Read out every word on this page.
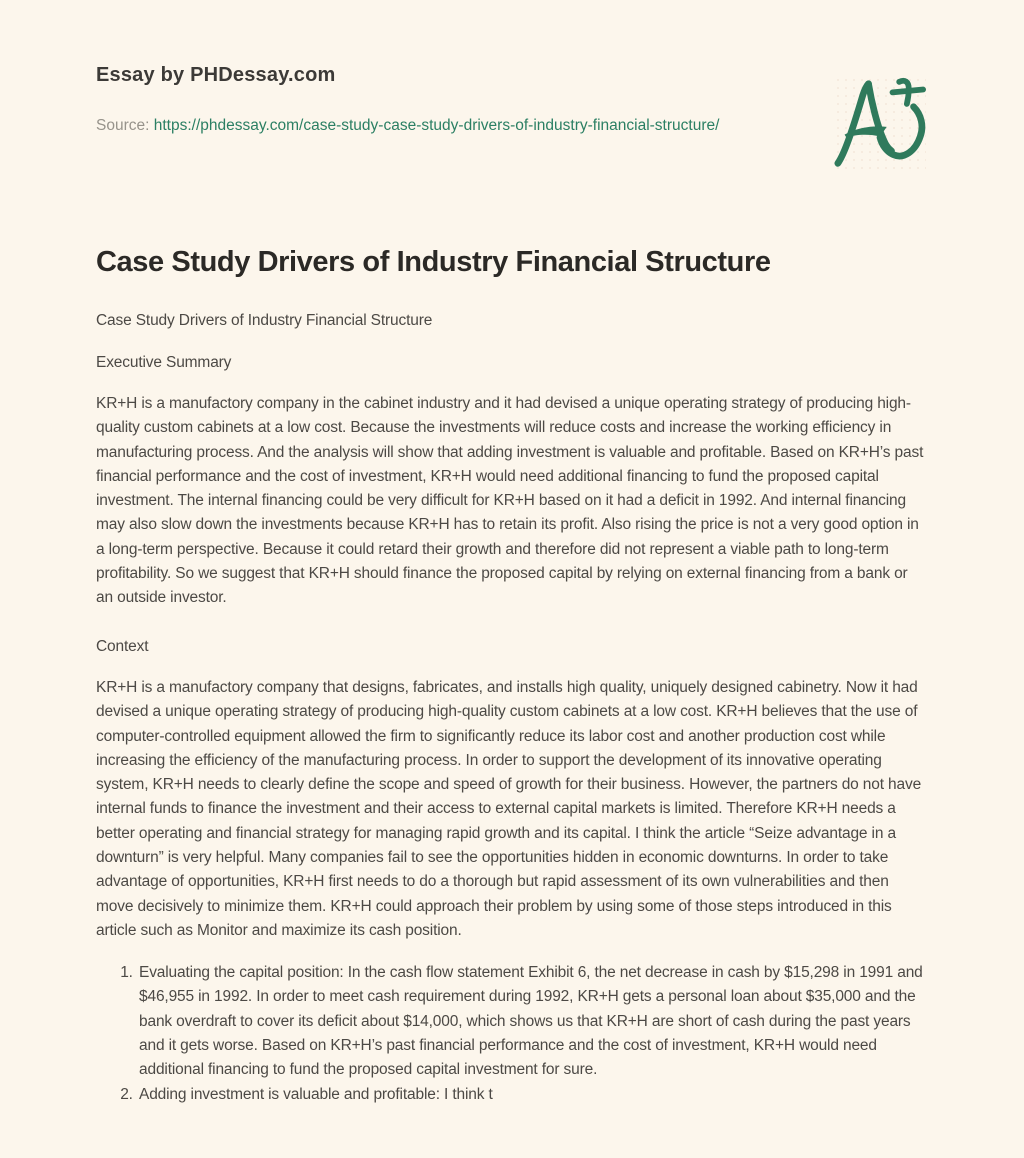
Essay by PHDessay.com
Source: https://phdessay.com/case-study-case-study-drivers-of-industry-financial-structure/
Case Study Drivers of Industry Financial Structure

Case Study Drivers of Industry Financial Structure

Executive Summary

KR+H is a manufactory company in the cabinet industry and it had devised a unique operating strategy of producing high-quality custom cabinets at a low cost. Because the investments will reduce costs and increase the working efficiency in manufacturing process. And the analysis will show that adding investment is valuable and profitable. Based on KR+H’s past financial performance and the cost of investment, KR+H would need additional financing to fund the proposed capital investment. The internal financing could be very difficult for KR+H based on it had a deficit in 1992. And internal financing may also slow down the investments because KR+H has to retain its profit. Also rising the price is not a very good option in a long-term perspective. Because it could retard their growth and therefore did not represent a viable path to long-term profitability. So we suggest that KR+H should finance the proposed capital by relying on external financing from a bank or an outside investor.

Context

KR+H is a manufactory company that designs, fabricates, and installs high quality, uniquely designed cabinetry. Now it had devised a unique operating strategy of producing high-quality custom cabinets at a low cost. KR+H believes that the use of computer-controlled equipment allowed the firm to significantly reduce its labor cost and another production cost while increasing the efficiency of the manufacturing process. In order to support the development of its innovative operating system, KR+H needs to clearly define the scope and speed of growth for their business. However, the partners do not have internal funds to finance the investment and their access to external capital markets is limited. Therefore KR+H needs a better operating and financial strategy for managing rapid growth and its capital. I think the article “Seize advantage in a downturn” is very helpful. Many companies fail to see the opportunities hidden in economic downturns. In order to take advantage of opportunities, KR+H first needs to do a thorough but rapid assessment of its own vulnerabilities and then move decisively to minimize them. KR+H could approach their problem by using some of those steps introduced in this article such as Monitor and maximize its cash position.

1. Evaluating the capital position: In the cash flow statement Exhibit 6, the net decrease in cash by $15,298 in 1991 and $46,955 in 1992. In order to meet cash requirement during 1992, KR+H gets a personal loan about $35,000 and the bank overdraft to cover its deficit about $14,000, which shows us that KR+H are short of cash during the past years and it gets worse. Based on KR+H’s past financial performance and the cost of investment, KR+H would need additional financing to fund the proposed capital investment for sure.
2. Adding investment is valuable and profitable: I think t
